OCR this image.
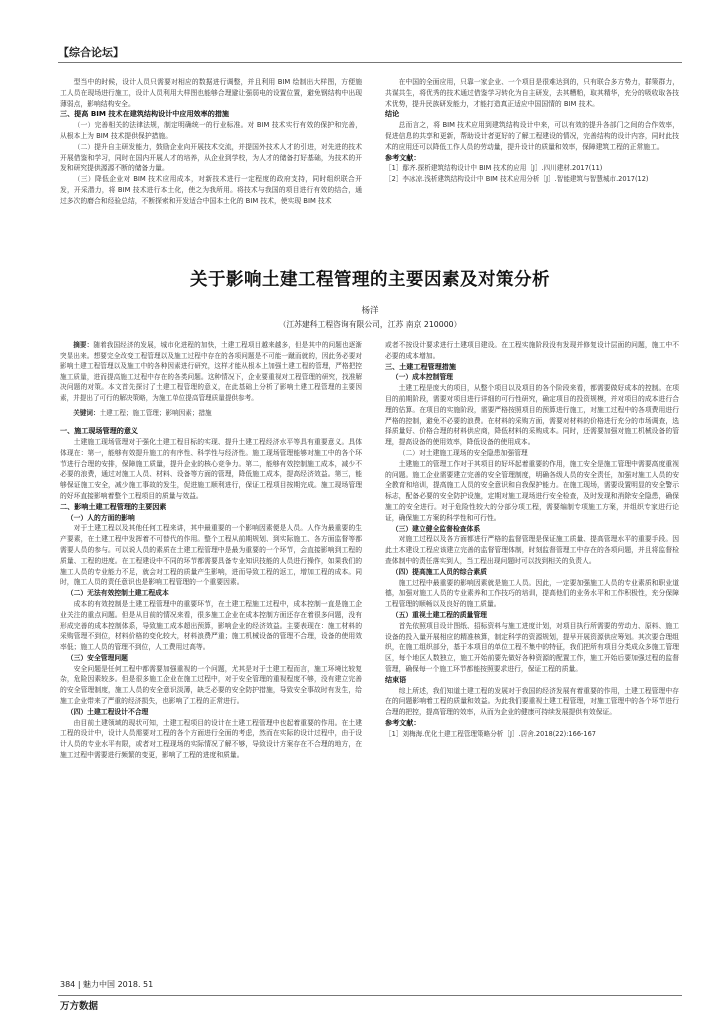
【综合论坛】

型当中的时候，设计人员只需要对相应的数据进行调整，并且利用 BIM 绘制出大样图，方便施工人员在现场进行施工，设计人员利用大样图也能够合理避让强弱电的设置位置，避免钢结构中出现薄弱点，影响结构安全。

三、提高 BIM 技术在建筑结构设计中应用效率的措施

（一）完善相关的法律法规，制定明确统一的行业标准。对 BIM 技术实行有效的保护和完善，从根本上为 BIM 技术提供保护措施。

（二）提升自主研发能力，鼓励企业向开展技术交流，并提国外技术人才的引进，对先进的技术开展借鉴和学习，同时在国内开展人才的培养，从企业到学校，为人才的储备打好基础，为技术的开发和研究提供源源不断的储备力量。

（三）降低企业对 BIM 技术应用成本，对新技术进行一定程度的政府支持，同时组织联合开发，开采潜力，将 BIM 技术进行本土化，使之为我所用。将技术与我国的项目进行有效的结合，通过多次的磨合和经验总结，不断探索和开发适合中国本土化的 BIM 技术，使实现 BIM 技术

在中国的全面应用，只靠一家企业、一个项目是很难达到的，只有联合多方势力，群策群力，共谋共生，将优秀的技术通过借鉴学习转化为自主研发，去其糟粕，取其精华，充分的吸收取各技术优势，提升民族研发能力，才能打造真正适应中国国情的 BIM 技术。

结论

总而言之，将 BIM 技术应用到建筑结构设计中来，可以有效的提升各部门之间的合作效率，促进信息的共享和更新，帮助设计者更好的了解工程建设的情况，完善结构的设计内容，同时此技术的应用还可以降低工作人员的劳动量，提升设计的质量和效率，保障建筑工程的正常施工。

参考文献：

［1］鄢齐.探析建筑结构设计中 BIM 技术的应用［J］.四川建材.2017(11)

［2］李冰凉.浅析建筑结构设计中 BIM 技术应用分析［J］.智能建筑与智慧城市.2017(12)

关于影响土建工程管理的主要因素及对策分析
杨洋
（江苏建科工程咨询有限公司，江苏 南京 210000）
摘要：随着我国经济的发展，城市化进程的加快，土建工程项目越来越多，但是其中的问题也逐渐突显出来。想要完全改变工程管理以及施工过程中存在的各项问题是不可能一蹴而就的，因此务必要对影响土建工程管理以及施工中的各种因素进行研究，这样才能从根本上加强土建工程的管理，严格把控施工质量，进而提高施工过程中存在的各类问题。这种情况下，企业要重视对工程管理的研究，找准解决问题的对策。本文首先探讨了土建工程管理的意义，在此基础上分析了影响土建工程管理的主要因素，并提出了可行的解决策略，为施工单位提高管理质量提供参考。
关键词：土建工程；施工管理；影响因素；措施

一、施工现场管理的意义

土建施工现场管理对于强化土建工程目标的实现、提升土建工程经济水平等具有重要意义。具体体现在：第一，能够有效提升施工的有序性、科学性与经济性。施工现场管理能够对施工中的各个环节进行合理的安排，保障施工质量，提升企业的核心竞争力。第二，能够有效控制施工成本，减少不必要的浪费，通过对施工人员、材料、设备等方面的管理，降低施工成本，提高经济效益。第三，能够保证施工安全，减少施工事故的发生，促进施工顺利进行，保证工程项目按期完成。施工现场管理的好坏直接影响着整个工程项目的质量与效益。

二、影响土建工程管理的主要因素

（一）人的方面的影响

对于土建工程以及其他任何工程来讲，其中最重要的一个影响因素便是人员。人作为最重要的生产要素，在土建工程中发挥着不可替代的作用。整个工程从前期规划、到实际施工、各方面监督等都需要人员的参与。可以说人员的素质在土建工程管理中是最为重要的一个环节，会直接影响到工程的质量、工程的进度。在工程建设中不同的环节都需要具备专业知识技能的人员进行操作，如果我们的施工人员的专业能力不足，就会对工程的质量产生影响，进而导致工程的返工，增加工程的成本。同时，施工人员的责任意识也是影响工程管理的一个重要因素。

（二）无法有效控制土建工程成本

成本的有效控制是土建工程管理中的重要环节，在土建工程施工过程中，成本控制一直是施工企业关注的重点问题。但是从目前的情况来看，很多施工企业在成本控制方面还存在着很多问题，没有形成完善的成本控制体系，导致施工成本超出预算，影响企业的经济效益。主要表现在：施工材料的采购管理不到位，材料价格的变化较大，材料浪费严重；施工机械设备的管理不合理，设备的使用效率低；施工人员的管理不到位，人工费用过高等。

（三）安全管理问题

安全问题是任何工程中都需要加强重视的一个问题，尤其是对于土建工程而言，施工环境比较复杂，危险因素较多。但是很多施工企业在施工过程中，对于安全管理的重视程度不够，没有建立完善的安全管理制度，施工人员的安全意识淡薄，缺乏必要的安全防护措施，导致安全事故时有发生，给施工企业带来了严重的经济损失，也影响了工程的正常进行。

（四）土建工程设计不合理

由目前土建领域的现状可知，土建工程项目的设计在土建工程管理中也起着重要的作用。在土建工程的设计中，设计人员需要对工程的各个方面进行全面的考虑，然而在实际的设计过程中，由于设计人员的专业水平有限，或者对工程现场的实际情况了解不够，导致设计方案存在不合理的地方，在施工过程中需要进行频繁的变更，影响了工程的进度和质量。

或者不按设计要求进行土建项目建设。在工程实施阶段没有发现并修复设计层面的问题，施工中不必要的成本增加。

三、土建工程管理措施

（一）成本控制管理

土建工程是庞大的项目，从整个项目以及项目的各个阶段来看，都需要做好成本的控制。在项目的前期阶段，需要对项目进行详细的可行性研究，确定项目的投资规模，并对项目的成本进行合理的估算。在项目的实施阶段，需要严格按照项目的预算进行施工，对施工过程中的各项费用进行严格的控制，避免不必要的浪费。在材料的采购方面，需要对材料的价格进行充分的市场调查，选择质量好、价格合理的材料供应商，降低材料的采购成本。同时，还需要加强对施工机械设备的管理，提高设备的使用效率，降低设备的使用成本。

（二）对土建施工现场的安全隐患加强管理

土建施工的管理工作对于其项目的好坏起着重要的作用，施工安全是施工管理中需要高度重视的问题。施工企业需要建立完善的安全管理制度，明确各级人员的安全责任，加强对施工人员的安全教育和培训，提高施工人员的安全意识和自我保护能力。在施工现场，需要设置明显的安全警示标志，配备必要的安全防护设施，定期对施工现场进行安全检查，及时发现和消除安全隐患，确保施工的安全进行。对于危险性较大的分部分项工程，需要编制专项施工方案，并组织专家进行论证，确保施工方案的科学性和可行性。

（三）建立健全监督检查体系

对施工过程以及各方面都进行严格的监督管理是保证施工质量、提高管理水平的重要手段。因此土木建设工程应该建立完善的监督管理体制，时刻监督管理工中存在的各项问题，并且将监督检查体制中的责任落实到人，当工程出现问题时可以找到相关的负责人。

（四）提高施工人员的综合素质

施工过程中最重要的影响因素就是施工人员。因此，一定要加强施工人员的专业素质和职业道德，加强对施工人员的专业素养和工作技巧的培训，提高他们的业务水平和工作积极性，充分保障工程管理的顺畅以及良好的施工质量。

（五）重视土建工程的质量管理

首先依照项目设计图纸、招标资料与施工进度计划，对项目执行所需要的劳动力、原料、施工设备的投入量开展相应的精准核算，制定科学的资源规划，提早开展资源供应筹划。其次要合理组织，在施工组织部分，基于本项目的单位工程不集中的特征，我们把所有项目分类成众多施工管理区，每个地区人数独立，施工开始前要先做好各种资源的配置工作，施工开始后要加强过程的监督管理，确保每一个施工环节都能按照要求进行，保证工程的质量。

结束语

综上所述，我们知道土建工程的发展对于我国的经济发展有着重要的作用，土建工程管理中存在的问题影响着工程的质量和效益。为此我们要重视土建工程管理，对施工管理中的各个环节进行合理的把控，提高管理的效率，从而为企业的健康可持续发展提供有效保证。

参考文献：

［1］刘梅海.优化土建工程管理策略分析［J］.居舍.2018(22):166-167

384 | 魅力中国 2018. 51
万方数据
